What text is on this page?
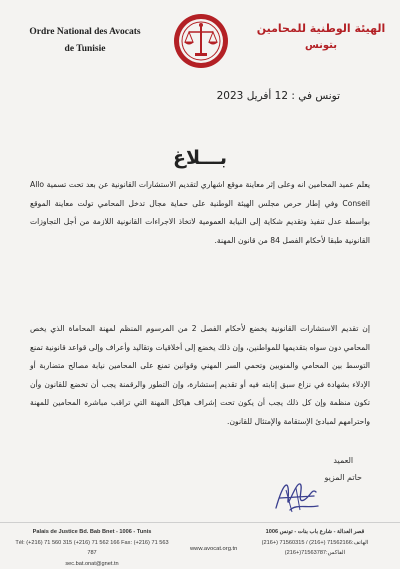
Ordre National des Avocats
de Tunisie
الهيئة الوطنية للمحامين
بتونس
تونس في : 12 أفريل 2023
بـــلاغ
يعلم عميد المحامين انه وعلى إثر معاينة موقع اشهاري لتقديم الاستشارات القانونية عن بعد تحت تسمية Allo Conseil وفي إطار حرص مجلس الهيئة الوطنية على حماية مجال تدخل المحامي تولت معاينة الموقع بواسطة عدل تنفيذ وتقديم شكاية إلى النيابة العمومية لاتخاذ الاجراءات القانونية اللازمة من أجل التجاوزات القانونية طبقا لأحكام الفصل 84 من قانون المهنة.
إن تقديم الاستشارات القانونية يخضع لأحكام الفصل 2 من المرسوم المنظم لمهنة المحاماة الذي يخص المحامي دون سواه بتقديمها للمواطنين، وإن ذلك يخضع إلى أخلاقيات وتقاليد وأعراف وإلى قواعد قانونية تمنع التوسط بين المحامي والمنوبين وتحمي السر المهني وقوانين تمنع على المحامين نيابة مصالح متضاربة أو الإدلاء بشهادة في نزاع سبق إنابته فيه أو تقديم إستشارة، وإن التطور والرقمنة يجب أن تخضع للقانون وأن تكون منظمة وإن كل ذلك يجب أن يكون تحت إشراف هياكل المهنة التي تراقب مباشرة المحامين للمهنة واحترامهم لمبادئ الإستقامة والإمتثال للقانون.
العميد
حاتم المزيو
Palais de Justice Bd. Bab Bnet - 1006 - Tunis
Tél: (+216) 71 560 315 (+216) 71 562 166 Fax: (+216) 71 563 787
sec.bat.onat@gnet.tn
www.avocat.org.tn
قصر العدالة - شارع باب بنات - تونس 1006
الهاتف:71562166 (+216) / 71560315 (+216) الفاكس:71563787(+216)
